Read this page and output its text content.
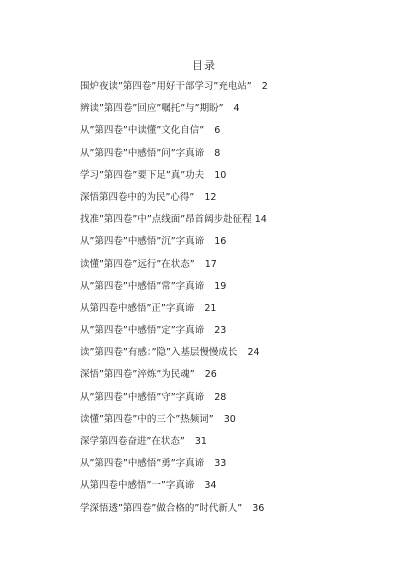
目录
围炉夜读”第四卷”用好干部学习”充电站” 2
辨读”第四卷”回应”嘱托”与”期盼” 4
从”第四卷”中读懂”文化自信” 6
从”第四卷”中感悟”问”字真谛 8
学习”第四卷”要下足”真”功夫 10
深悟第四卷中的为民”心得” 12
找准”第四卷”中”点线面”昂首阔步赴征程 14
从”第四卷”中感悟”沉”字真谛 16
读懂”第四卷”远行”在状态” 17
从”第四卷”中感悟”常”字真谛 19
从第四卷中感悟”正”字真谛 21
从”第四卷”中感悟”定”字真谛 23
读”第四卷”有感：”隐”入基层慢慢成长 24
深悟”第四卷”淬炼”为民魂” 26
从”第四卷”中感悟”守”字真谛 28
读懂”第四卷”中的三个”热频词” 30
深学第四卷奋进”在状态” 31
从”第四卷”中感悟”勇”字真谛 33
从第四卷中感悟”一”字真谛 34
学深悟透”第四卷”做合格的”时代新人” 36
